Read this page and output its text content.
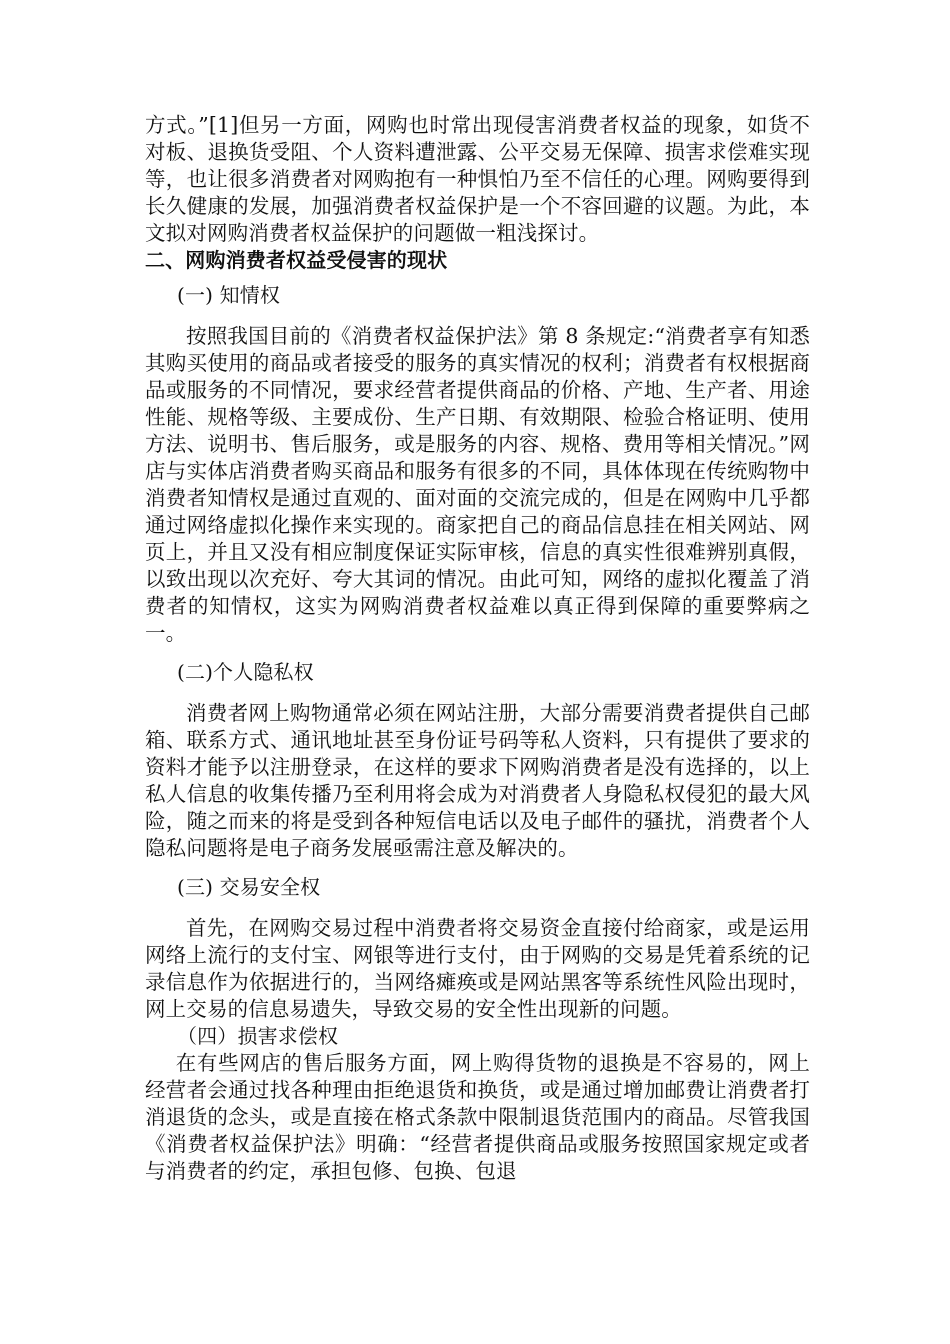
方式。”[1]但另一方面，网购也时常出现侵害消费者权益的现象，如货不对板、退换货受阻、个人资料遭泄露、公平交易无保障、损害求偿难实现等，也让很多消费者对网购抱有一种惧怕乃至不信任的心理。网购要得到长久健康的发展，加强消费者权益保护是一个不容回避的议题。为此，本文拟对网购消费者权益保护的问题做一粗浅探讨。

二、网购消费者权益受侵害的现状

(一) 知情权

按照我国目前的《消费者权益保护法》第 8 条规定:“消费者享有知悉其购买使用的商品或者接受的服务的真实情况的权利；消费者有权根据商品或服务的不同情况，要求经营者提供商品的价格、产地、生产者、用途性能、规格等级、主要成份、生产日期、有效期限、检验合格证明、使用方法、说明书、售后服务，或是服务的内容、规格、费用等相关情况。”网店与实体店消费者购买商品和服务有很多的不同，具体体现在传统购物中消费者知情权是通过直观的、面对面的交流完成的，但是在网购中几乎都通过网络虚拟化操作来实现的。商家把自己的商品信息挂在相关网站、网页上，并且又没有相应制度保证实际审核，信息的真实性很难辨别真假，以致出现以次充好、夸大其词的情况。由此可知，网络的虚拟化覆盖了消费者的知情权，这实为网购消费者权益难以真正得到保障的重要弊病之一。

(二)个人隐私权

消费者网上购物通常必须在网站注册，大部分需要消费者提供自己邮箱、联系方式、通讯地址甚至身份证号码等私人资料，只有提供了要求的资料才能予以注册登录，在这样的要求下网购消费者是没有选择的，以上私人信息的收集传播乃至利用将会成为对消费者人身隐私权侵犯的最大风险，随之而来的将是受到各种短信电话以及电子邮件的骚扰，消费者个人隐私问题将是电子商务发展亟需注意及解决的。

(三) 交易安全权

首先，在网购交易过程中消费者将交易资金直接付给商家，或是运用网络上流行的支付宝、网银等进行支付，由于网购的交易是凭着系统的记录信息作为依据进行的，当网络瘫痪或是网站黑客等系统性风险出现时，网上交易的信息易遗失，导致交易的安全性出现新的问题。

（四）损害求偿权

在有些网店的售后服务方面，网上购得货物的退换是不容易的，网上经营者会通过找各种理由拒绝退货和换货，或是通过增加邮费让消费者打消退货的念头，或是直接在格式条款中限制退货范围内的商品。尽管我国《消费者权益保护法》明确：“经营者提供商品或服务按照国家规定或者与消费者的约定，承担包修、包换、包退
